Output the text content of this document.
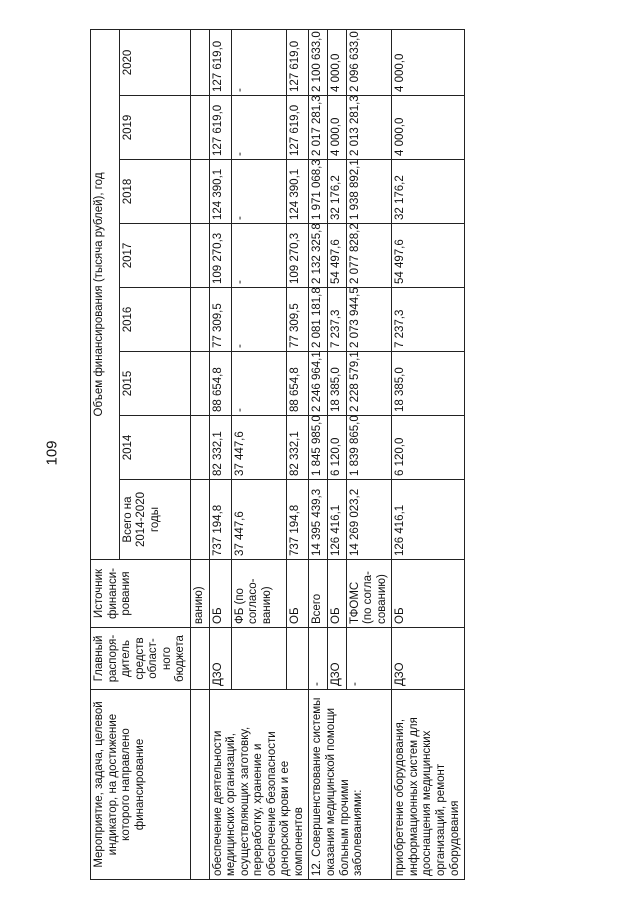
109
Мероприятие, задача, целевой индикатор, на достижение которого направлено финансирование	Главный распоря-дитель средств област-ного бюджета	Источник финанси-рования	Объем финансирования (тысяча рублей), год							
			Всего на 2014-2020 годы	2014	2015	2016	2017	2018	2019	2020
		ванию)								
обеспечение деятельности медицинских организаций, осуществляющих заготовку, переработку, хранение и обеспечение безопасности донорской крови и ее компонентов	ДЗО	ОБ	737 194,8	82 332,1	88 654,8	77 309,5	109 270,3	124 390,1	127 619,0	127 619,0
		ФБ (по согласо-ванию)	37 447,6	37 447,6	-	-	-	-	-	-
		ОБ	737 194,8	82 332,1	88 654,8	77 309,5	109 270,3	124 390,1	127 619,0	127 619,0
12. Совершенствование системы оказания медицинской помощи больным прочими заболеваниями:	-	Всего	14 395 439,3	1 845 985,0	2 246 964,1	2 081 181,8	2 132 325,8	1 971 068,3	2 017 281,3	2 100 633,0
	ДЗО	ОБ	126 416,1	6 120,0	18 385,0	7 237,3	54 497,6	32 176,2	4 000,0	4 000,0
	-	ТФОМС (по согла-сованию)	14 269 023,2	1 839 865,0	2 228 579,1	2 073 944,5	2 077 828,2	1 938 892,1	2 013 281,3	2 096 633,0
приобретение оборудования, информационных систем для дооснащения медицинских организаций, ремонт оборудования	ДЗО	ОБ	126 416,1	6 120,0	18 385,0	7 237,3	54 497,6	32 176,2	4 000,0	4 000,0
